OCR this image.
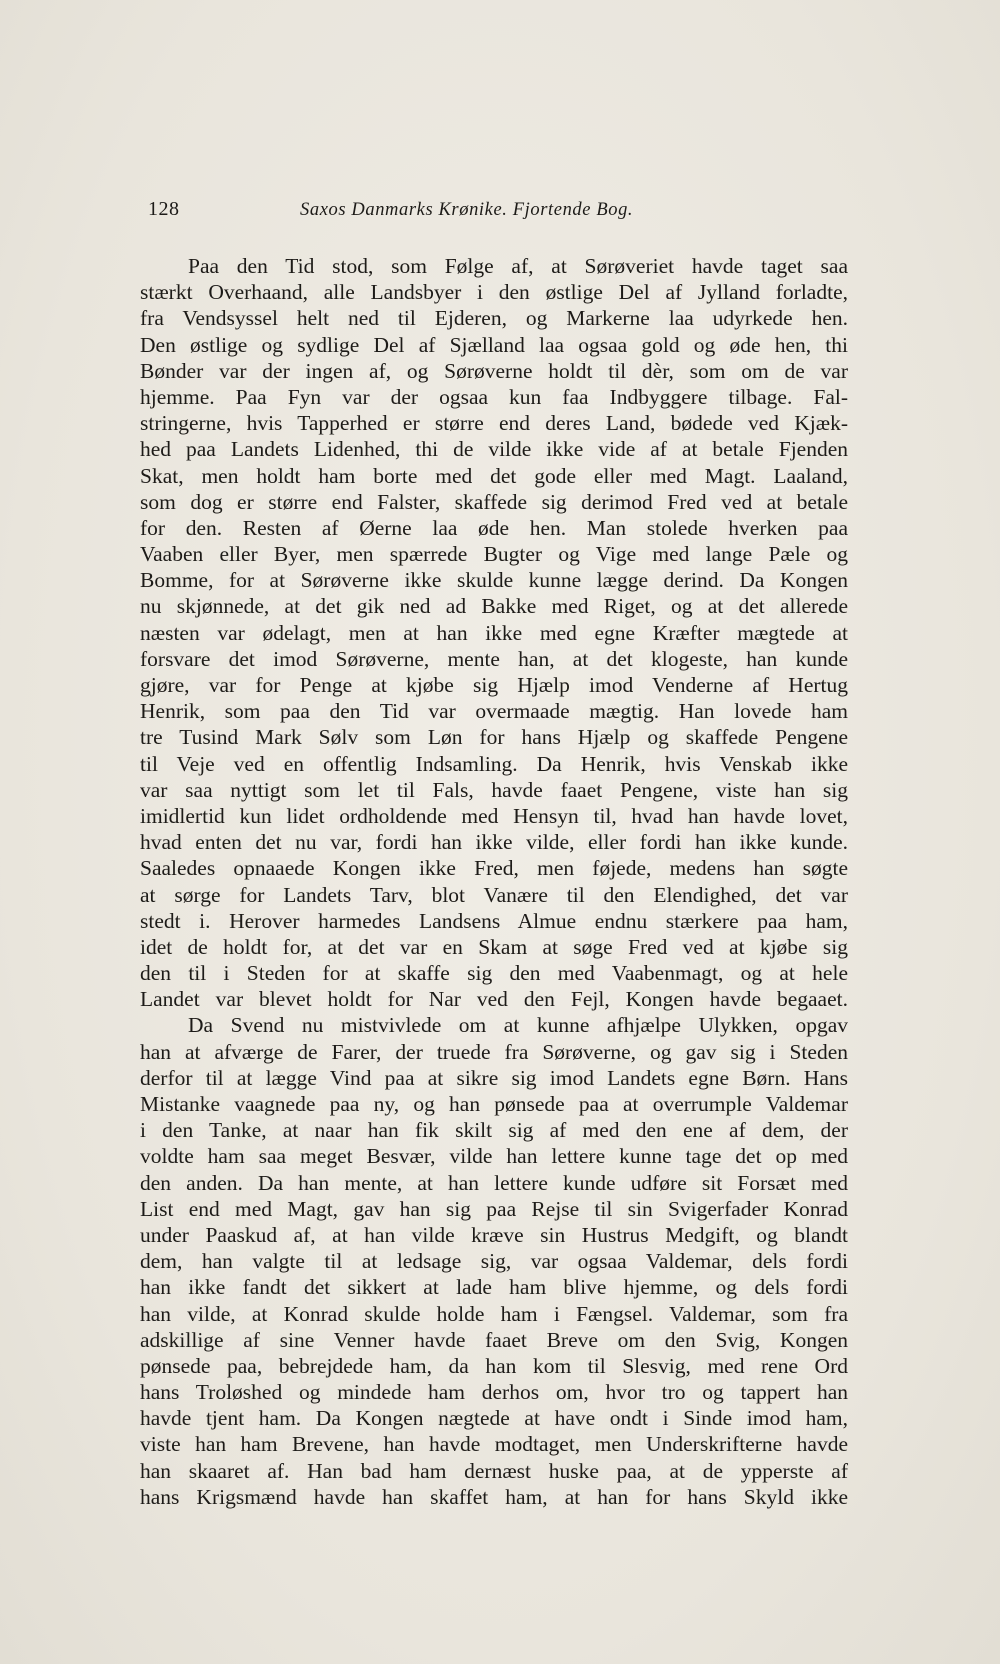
128	Saxos Danmarks Krønike. Fjortende Bog.
Paa den Tid stod, som Følge af, at Sørøveriet havde taget saa
stærkt Overhaand, alle Landsbyer i den østlige Del af Jylland forladte,
fra Vendsyssel helt ned til Ejderen, og Markerne laa udyrkede hen.
Den østlige og sydlige Del af Sjælland laa ogsaa gold og øde hen, thi
Bønder var der ingen af, og Sørøverne holdt til dèr, som om de var
hjemme. Paa Fyn var der ogsaa kun faa Indbyggere tilbage. Fal-
stringerne, hvis Tapperhed er større end deres Land, bødede ved Kjæk-
hed paa Landets Lidenhed, thi de vilde ikke vide af at betale Fjenden
Skat, men holdt ham borte med det gode eller med Magt. Laaland,
som dog er større end Falster, skaffede sig derimod Fred ved at betale
for den. Resten af Øerne laa øde hen. Man stolede hverken paa
Vaaben eller Byer, men spærrede Bugter og Vige med lange Pæle og
Bomme, for at Sørøverne ikke skulde kunne lægge derind. Da Kongen
nu skjønnede, at det gik ned ad Bakke med Riget, og at det allerede
næsten var ødelagt, men at han ikke med egne Kræfter mægtede at
forsvare det imod Sørøverne, mente han, at det klogeste, han kunde
gjøre, var for Penge at kjøbe sig Hjælp imod Venderne af Hertug
Henrik, som paa den Tid var overmaade mægtig. Han lovede ham
tre Tusind Mark Sølv som Løn for hans Hjælp og skaffede Pengene
til Veje ved en offentlig Indsamling. Da Henrik, hvis Venskab ikke
var saa nyttigt som let til Fals, havde faaet Pengene, viste han sig
imidlertid kun lidet ordholdende med Hensyn til, hvad han havde lovet,
hvad enten det nu var, fordi han ikke vilde, eller fordi han ikke kunde.
Saaledes opnaaede Kongen ikke Fred, men føjede, medens han søgte
at sørge for Landets Tarv, blot Vanære til den Elendighed, det var
stedt i. Herover harmedes Landsens Almue endnu stærkere paa ham,
idet de holdt for, at det var en Skam at søge Fred ved at kjøbe sig
den til i Steden for at skaffe sig den med Vaabenmagt, og at hele
Landet var blevet holdt for Nar ved den Fejl, Kongen havde begaaet.
Da Svend nu mistvivlede om at kunne afhjælpe Ulykken, opgav
han at afværge de Farer, der truede fra Sørøverne, og gav sig i Steden
derfor til at lægge Vind paa at sikre sig imod Landets egne Børn. Hans
Mistanke vaagnede paa ny, og han pønsede paa at overrumple Valdemar
i den Tanke, at naar han fik skilt sig af med den ene af dem, der
voldte ham saa meget Besvær, vilde han lettere kunne tage det op med
den anden. Da han mente, at han lettere kunde udføre sit Forsæt med
List end med Magt, gav han sig paa Rejse til sin Svigerfader Konrad
under Paaskud af, at han vilde kræve sin Hustrus Medgift, og blandt
dem, han valgte til at ledsage sig, var ogsaa Valdemar, dels fordi
han ikke fandt det sikkert at lade ham blive hjemme, og dels fordi
han vilde, at Konrad skulde holde ham i Fængsel. Valdemar, som fra
adskillige af sine Venner havde faaet Breve om den Svig, Kongen
pønsede paa, bebrejdede ham, da han kom til Slesvig, med rene Ord
hans Troløshed og mindede ham derhos om, hvor tro og tappert han
havde tjent ham. Da Kongen nægtede at have ondt i Sinde imod ham,
viste han ham Brevene, han havde modtaget, men Underskrifterne havde
han skaaret af. Han bad ham dernæst huske paa, at de ypperste af
hans Krigsmænd havde han skaffet ham, at han for hans Skyld ikke
